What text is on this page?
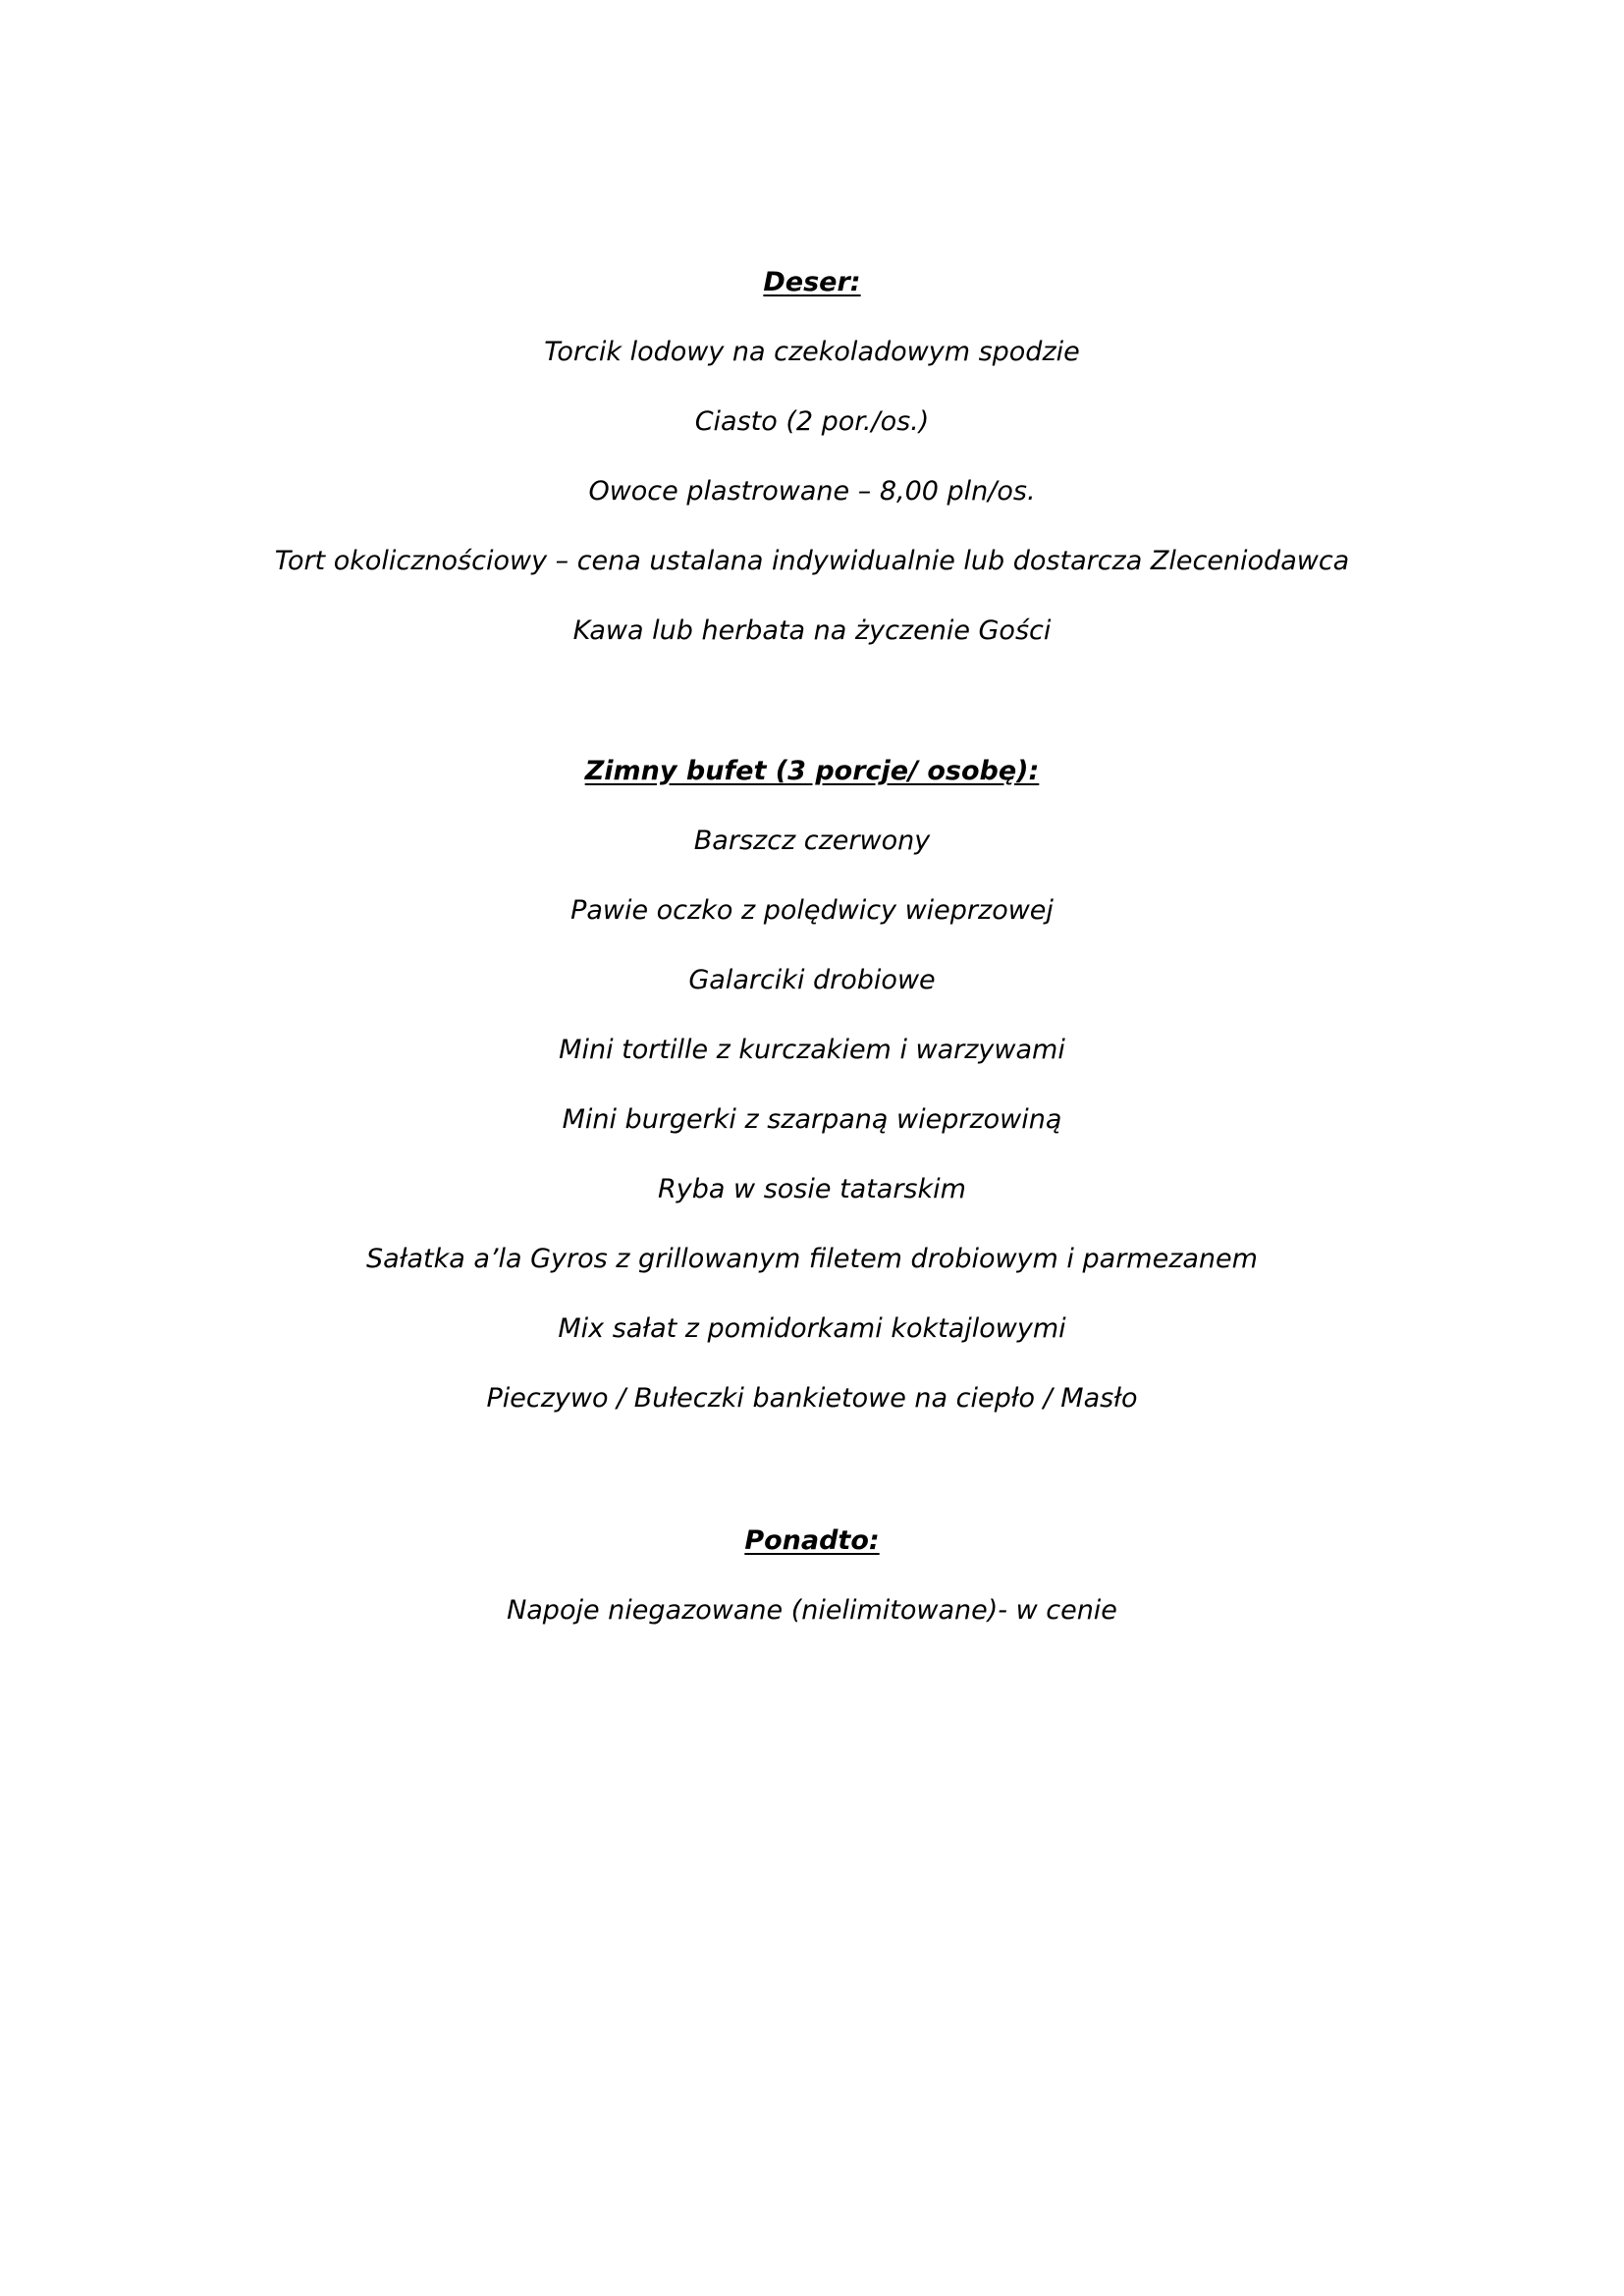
Deser:
Torcik lodowy na czekoladowym spodzie
Ciasto (2 por./os.)
Owoce plastrowane – 8,00 pln/os.
Tort okolicznościowy – cena ustalana indywidualnie lub dostarcza Zleceniodawca
Kawa lub herbata na życzenie Gości
Zimny bufet (3 porcje/ osobę):
Barszcz czerwony
Pawie oczko z polędwicy wieprzowej
Galarciki drobiowe
Mini tortille z kurczakiem i warzywami
Mini burgerki z szarpaną wieprzowiną
Ryba w sosie tatarskim
Sałatka a’la Gyros z grillowanym filetem drobiowym i parmezanem
Mix sałat z pomidorkami koktajlowymi
Pieczywo / Bułeczki bankietowe na ciepło / Masło
Ponadto:
Napoje niegazowane (nielimitowane)- w cenie
